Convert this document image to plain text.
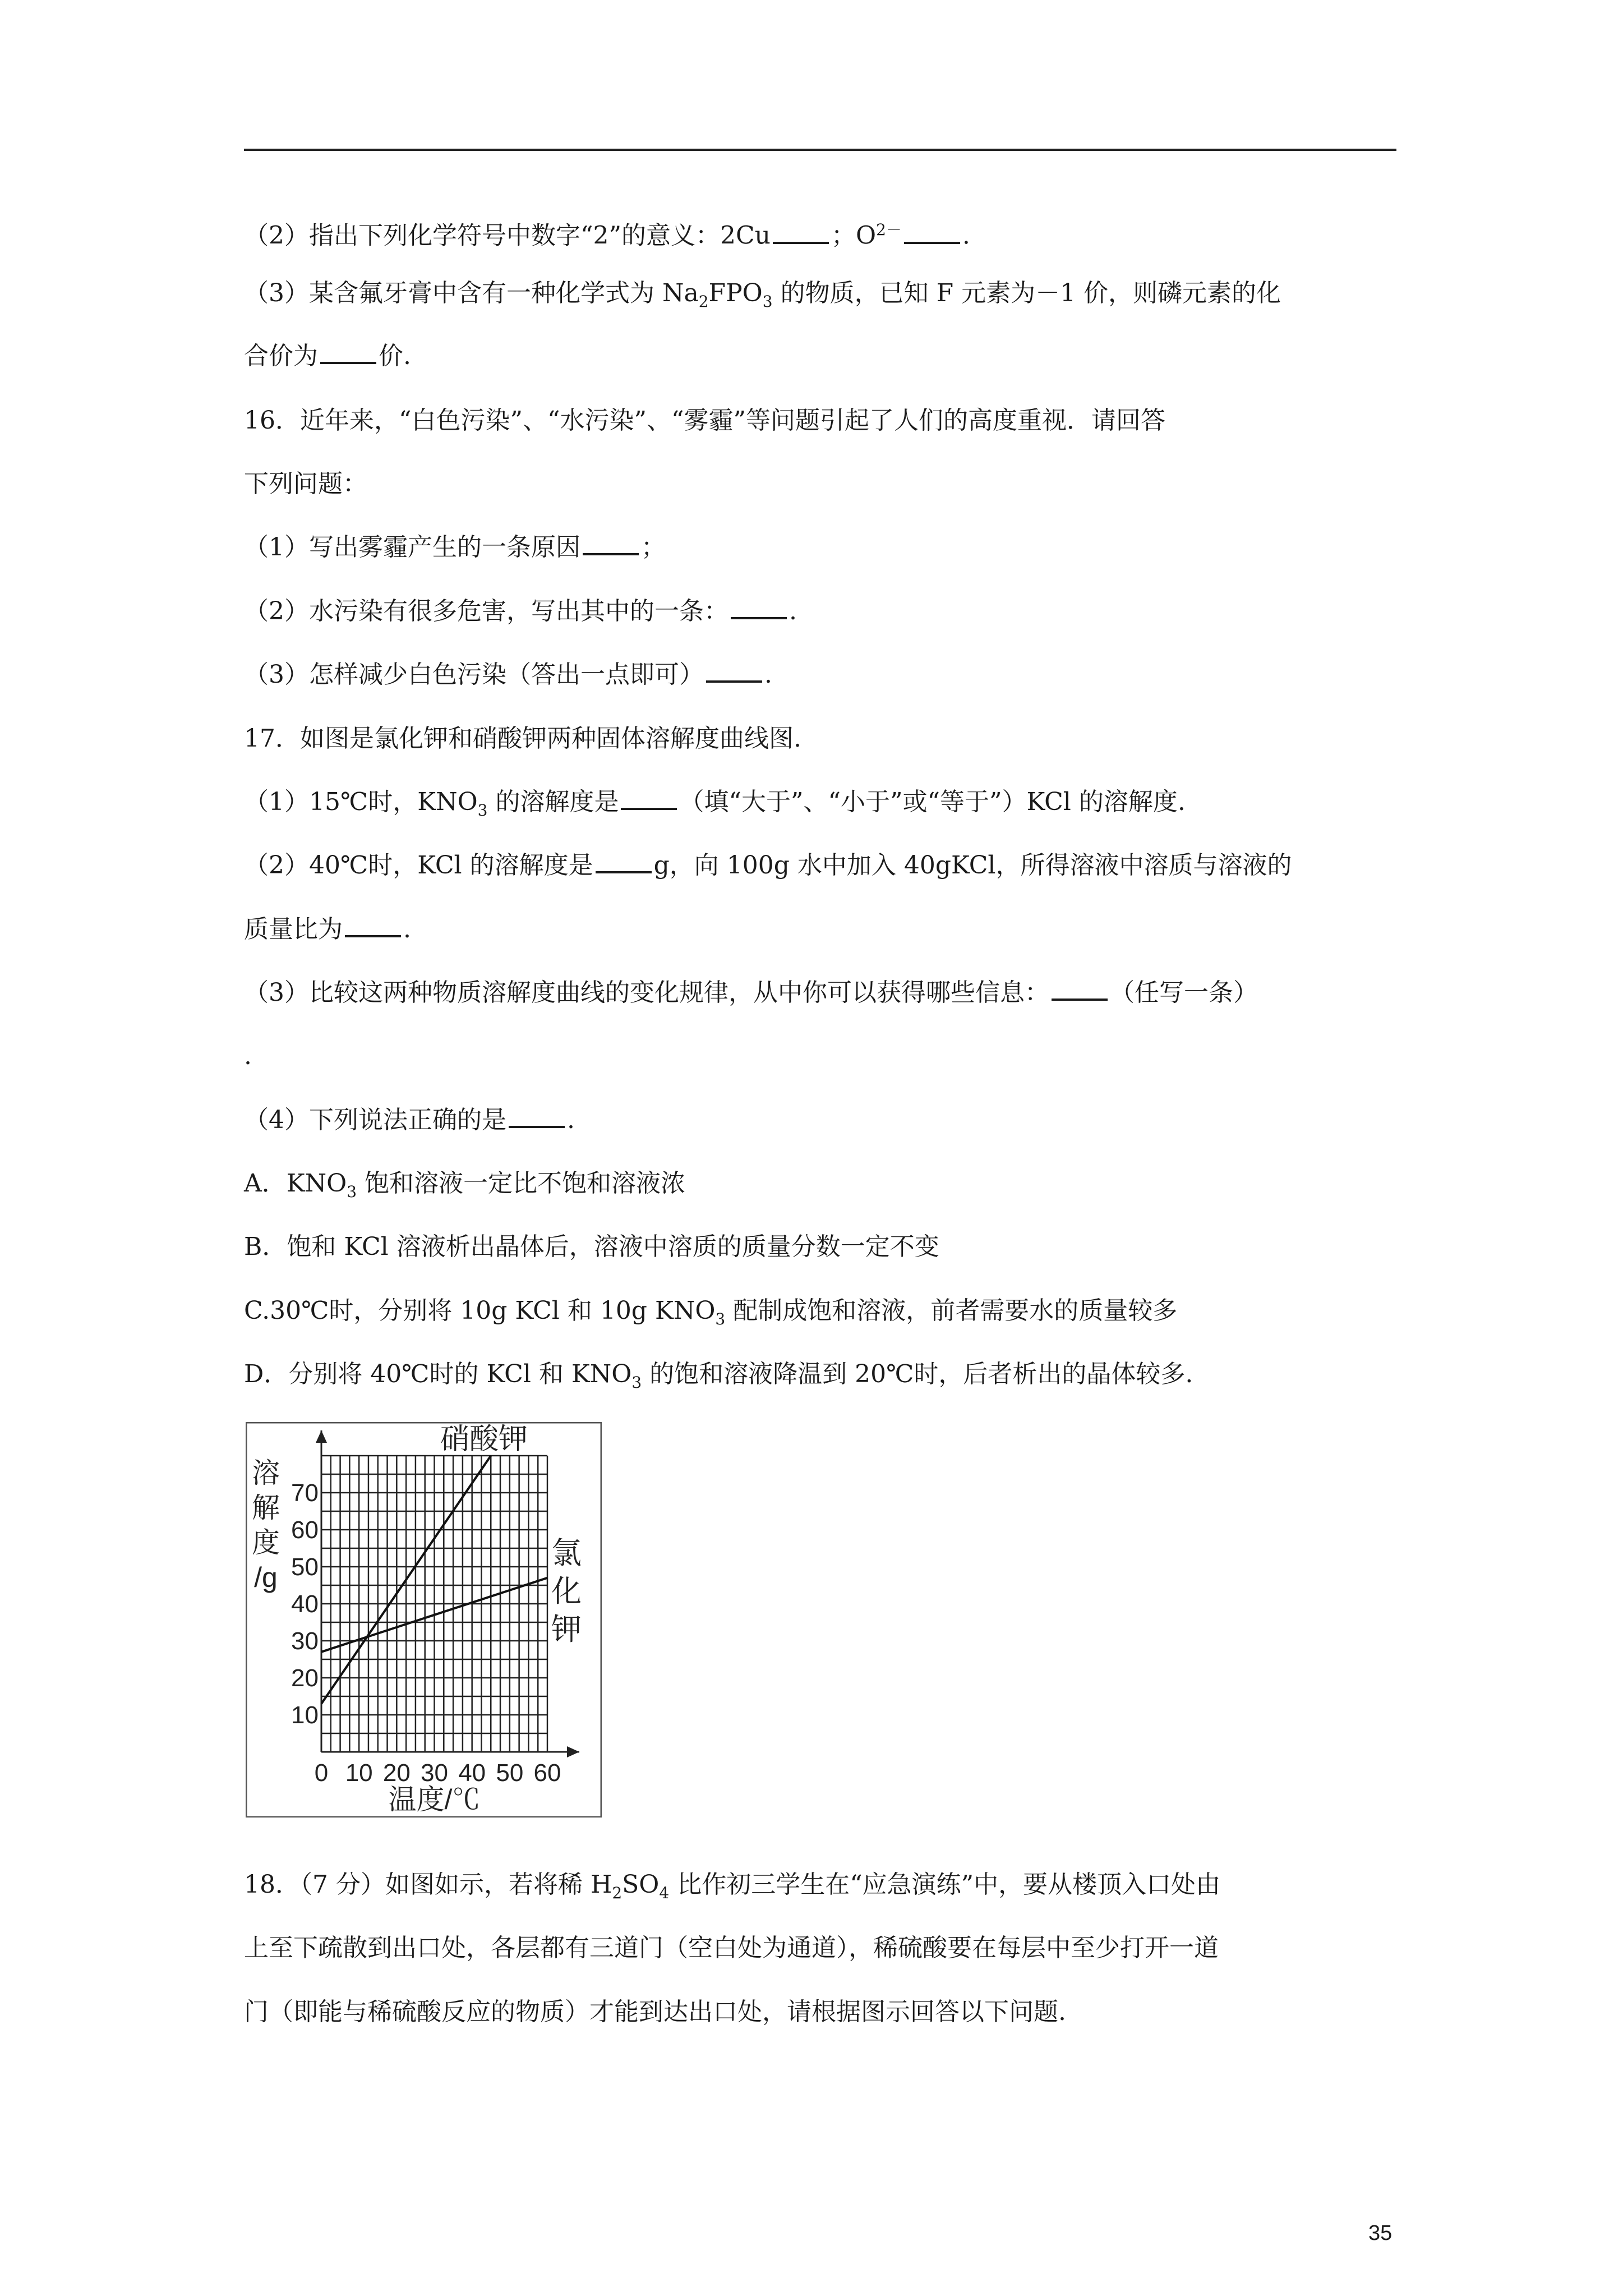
（2）指出下列化学符号中数字“2”的意义：2Cu ；$O^{2-}$ .
（3）某含氟牙膏中含有一种化学式为 $Na_2FPO_3$ 的物质，已知 F 元素为－1 价，则磷元素的化
合价为 价.
16．近年来，“白色污染”、“水污染”、“雾霾”等问题引起了人们的高度重视．请回答
下列问题：
（1）写出雾霾产生的一条原因 ；
（2）水污染有很多危害，写出其中的一条： .
（3）怎样减少白色污染（答出一点即可） .
17．如图是氯化钾和硝酸钾两种固体溶解度曲线图.
（1）15℃时，$KNO_3$ 的溶解度是 （填“大于”、“小于”或“等于”）KCl 的溶解度.
（2）40℃时，KCl 的溶解度是 g，向 100g 水中加入 40gKCl，所得溶液中溶质与溶液的
质量比为 .
（3）比较这两种物质溶解度曲线的变化规律，从中你可以获得哪些信息： （任写一条）
.
（4）下列说法正确的是 .
A．$KNO_3$ 饱和溶液一定比不饱和溶液浓
B．饱和 KCl 溶液析出晶体后，溶液中溶质的质量分数一定不变
C.30℃时，分别将 10g KCl 和 10g $KNO_3$ 配制成饱和溶液，前者需要水的质量较多
D．分别将 40℃时的 KCl 和 $KNO_3$ 的饱和溶液降温到 20℃时，后者析出的晶体较多.
0 10 20 30 40 50 60
10
20
30
40
50
60
70
溶
解
度
/g
温度/℃
硝酸钾
氯
化
钾
18．（7 分）如图如示，若将稀 $H_2SO_4$ 比作初三学生在“应急演练”中，要从楼顶入口处由
上至下疏散到出口处，各层都有三道门（空白处为通道），稀硫酸要在每层中至少打开一道
门（即能与稀硫酸反应的物质）才能到达出口处，请根据图示回答以下问题.
35
